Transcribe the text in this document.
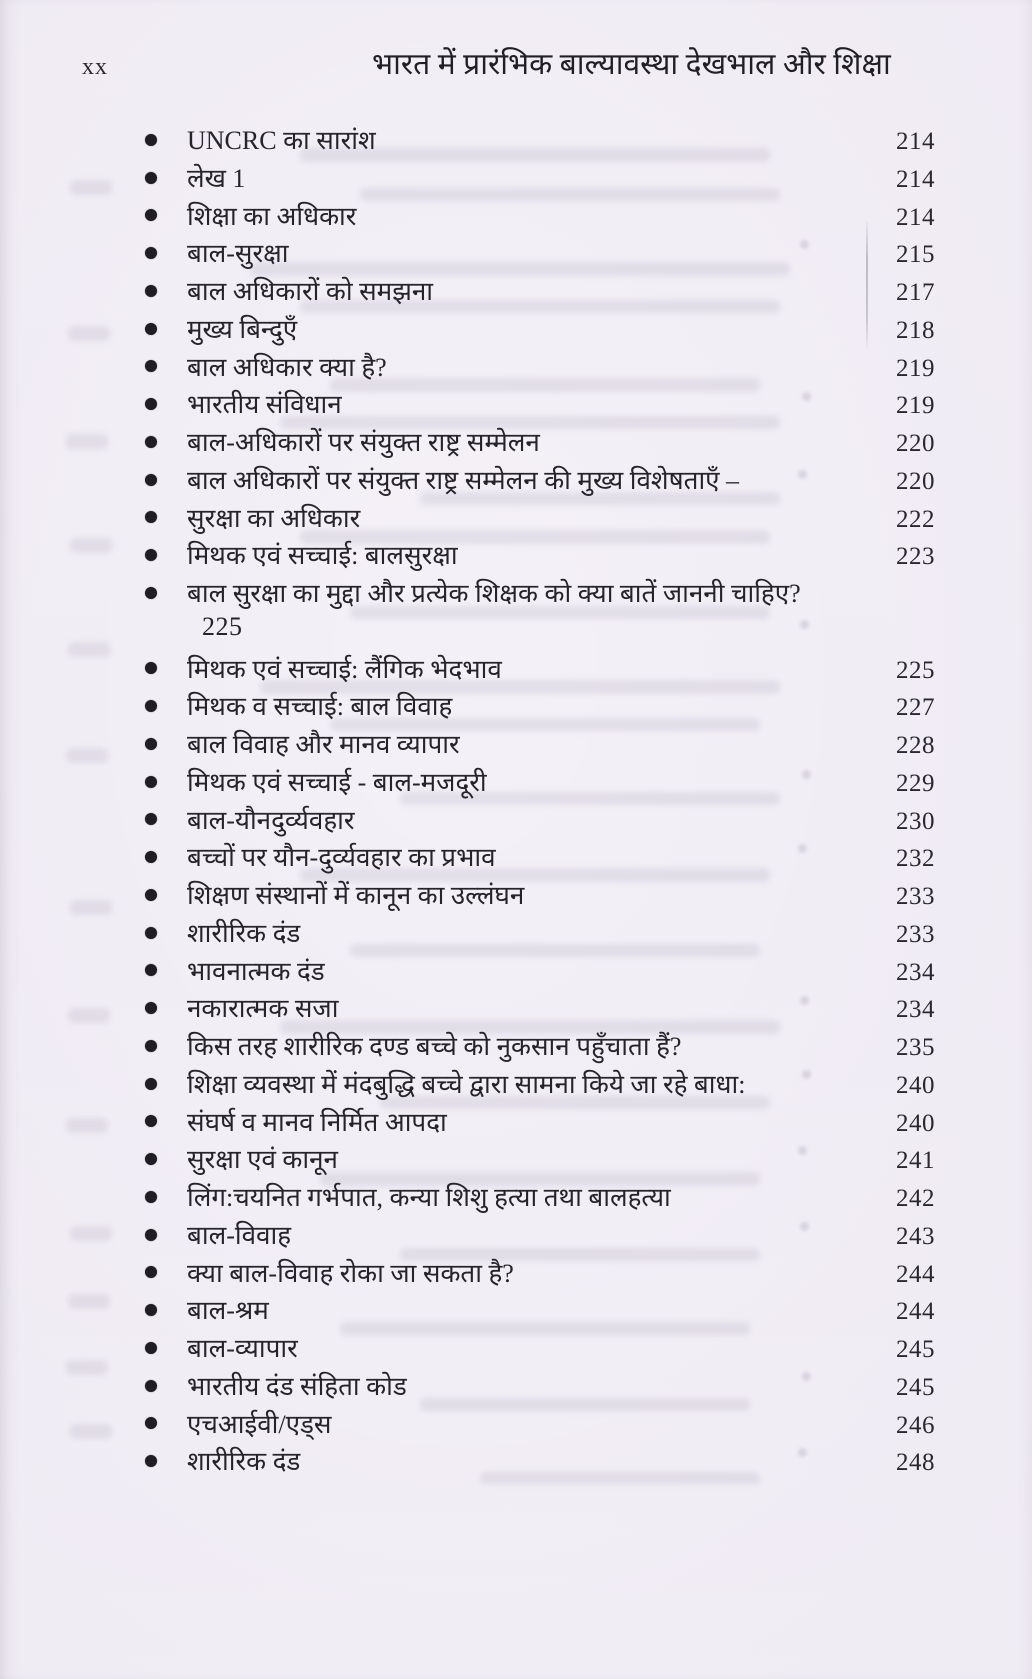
xx	भारत में प्रारंभिक बाल्यावस्था देखभाल और शिक्षा
UNCRC का सारांश	214
लेख 1	214
शिक्षा का अधिकार	214
बाल-सुरक्षा	215
बाल अधिकारों को समझना	217
मुख्य बिन्दुएँ	218
बाल अधिकार क्या है?	219
भारतीय संविधान	219
बाल-अधिकारों पर संयुक्त राष्ट्र सम्मेलन	220
बाल अधिकारों पर संयुक्त राष्ट्र सम्मेलन की मुख्य विशेषताएँ –	220
सुरक्षा का अधिकार	222
मिथक एवं सच्चाई: बालसुरक्षा	223
बाल सुरक्षा का मुद्दा और प्रत्येक शिक्षक को क्या बातें जाननी चाहिए?
225
मिथक एवं सच्चाई: लैंगिक भेदभाव	225
मिथक व सच्चाई: बाल विवाह	227
बाल विवाह और मानव व्यापार	228
मिथक एवं सच्चाई - बाल-मजदूरी	229
बाल-यौनदुर्व्यवहार	230
बच्चों पर यौन-दुर्व्यवहार का प्रभाव	232
शिक्षण संस्थानों में कानून का उल्लंघन	233
शारीरिक दंड	233
भावनात्मक दंड	234
नकारात्मक सजा	234
किस तरह शारीरिक दण्ड बच्चे को नुकसान पहुँचाता हैं?	235
शिक्षा व्यवस्था में मंदबुद्धि बच्चे द्वारा सामना किये जा रहे बाधा:	240
संघर्ष व मानव निर्मित आपदा	240
सुरक्षा एवं कानून	241
लिंग:चयनित गर्भपात, कन्या शिशु हत्या तथा बालहत्या	242
बाल-विवाह	243
क्या बाल-विवाह रोका जा सकता है?	244
बाल-श्रम	244
बाल-व्यापार	245
भारतीय दंड संहिता कोड	245
एचआईवी/एड्स	246
शारीरिक दंड	248
